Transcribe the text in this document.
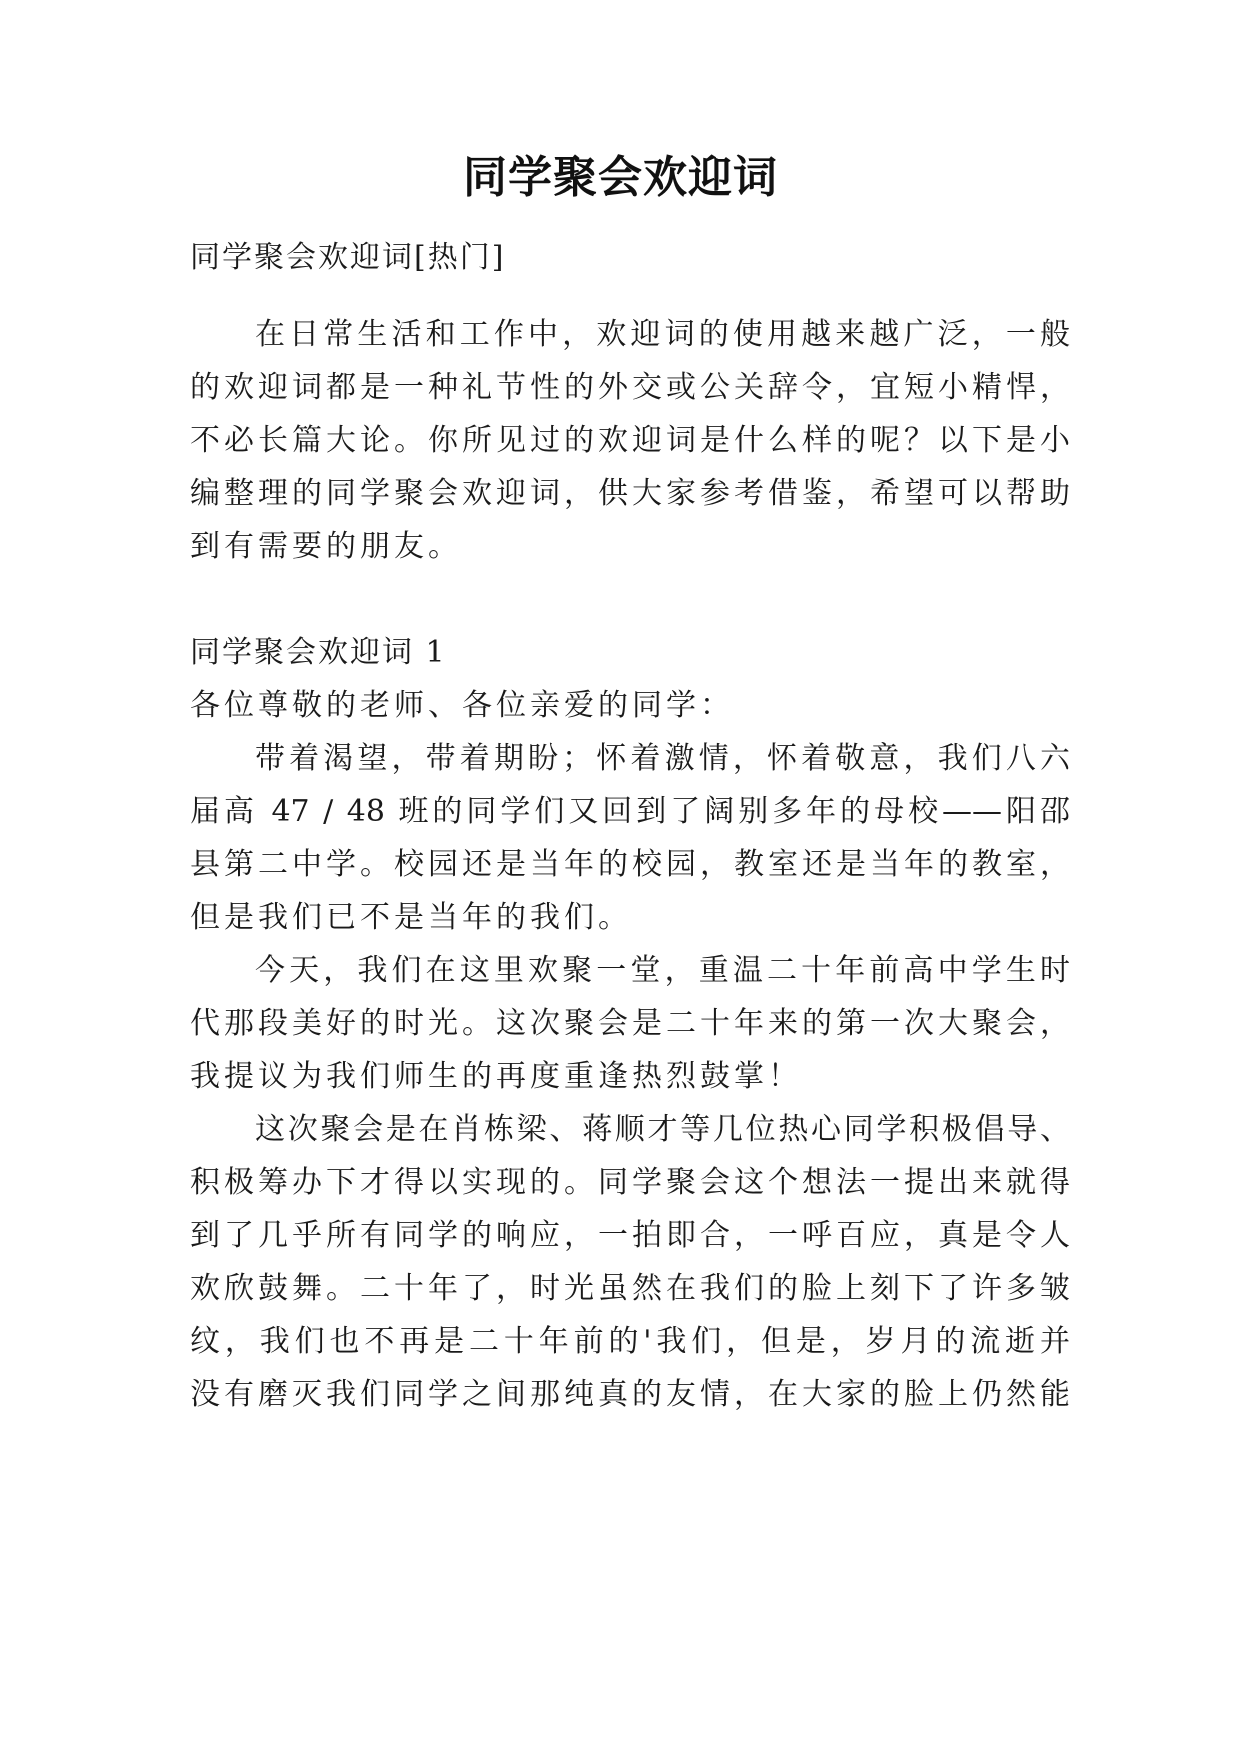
同学聚会欢迎词
同学聚会欢迎词[热门]
在日常生活和工作中，欢迎词的使用越来越广泛，一般
的欢迎词都是一种礼节性的外交或公关辞令，宜短小精悍，
不必长篇大论。你所见过的欢迎词是什么样的呢？以下是小
编整理的同学聚会欢迎词，供大家参考借鉴，希望可以帮助
到有需要的朋友。
同学聚会欢迎词 1
各位尊敬的老师、各位亲爱的同学：
带着渴望，带着期盼；怀着激情，怀着敬意，我们八六
届高 47 / 48 班的同学们又回到了阔别多年的母校——阳邵
县第二中学。校园还是当年的校园，教室还是当年的教室，
但是我们已不是当年的我们。
今天，我们在这里欢聚一堂，重温二十年前高中学生时
代那段美好的时光。这次聚会是二十年来的第一次大聚会，
我提议为我们师生的再度重逢热烈鼓掌！
这次聚会是在肖栋梁、蒋顺才等几位热心同学积极倡导、
积极筹办下才得以实现的。同学聚会这个想法一提出来就得
到了几乎所有同学的响应，一拍即合，一呼百应，真是令人
欢欣鼓舞。二十年了，时光虽然在我们的脸上刻下了许多皱
纹，我们也不再是二十年前的'我们，但是，岁月的流逝并
没有磨灭我们同学之间那纯真的友情，在大家的脸上仍然能
